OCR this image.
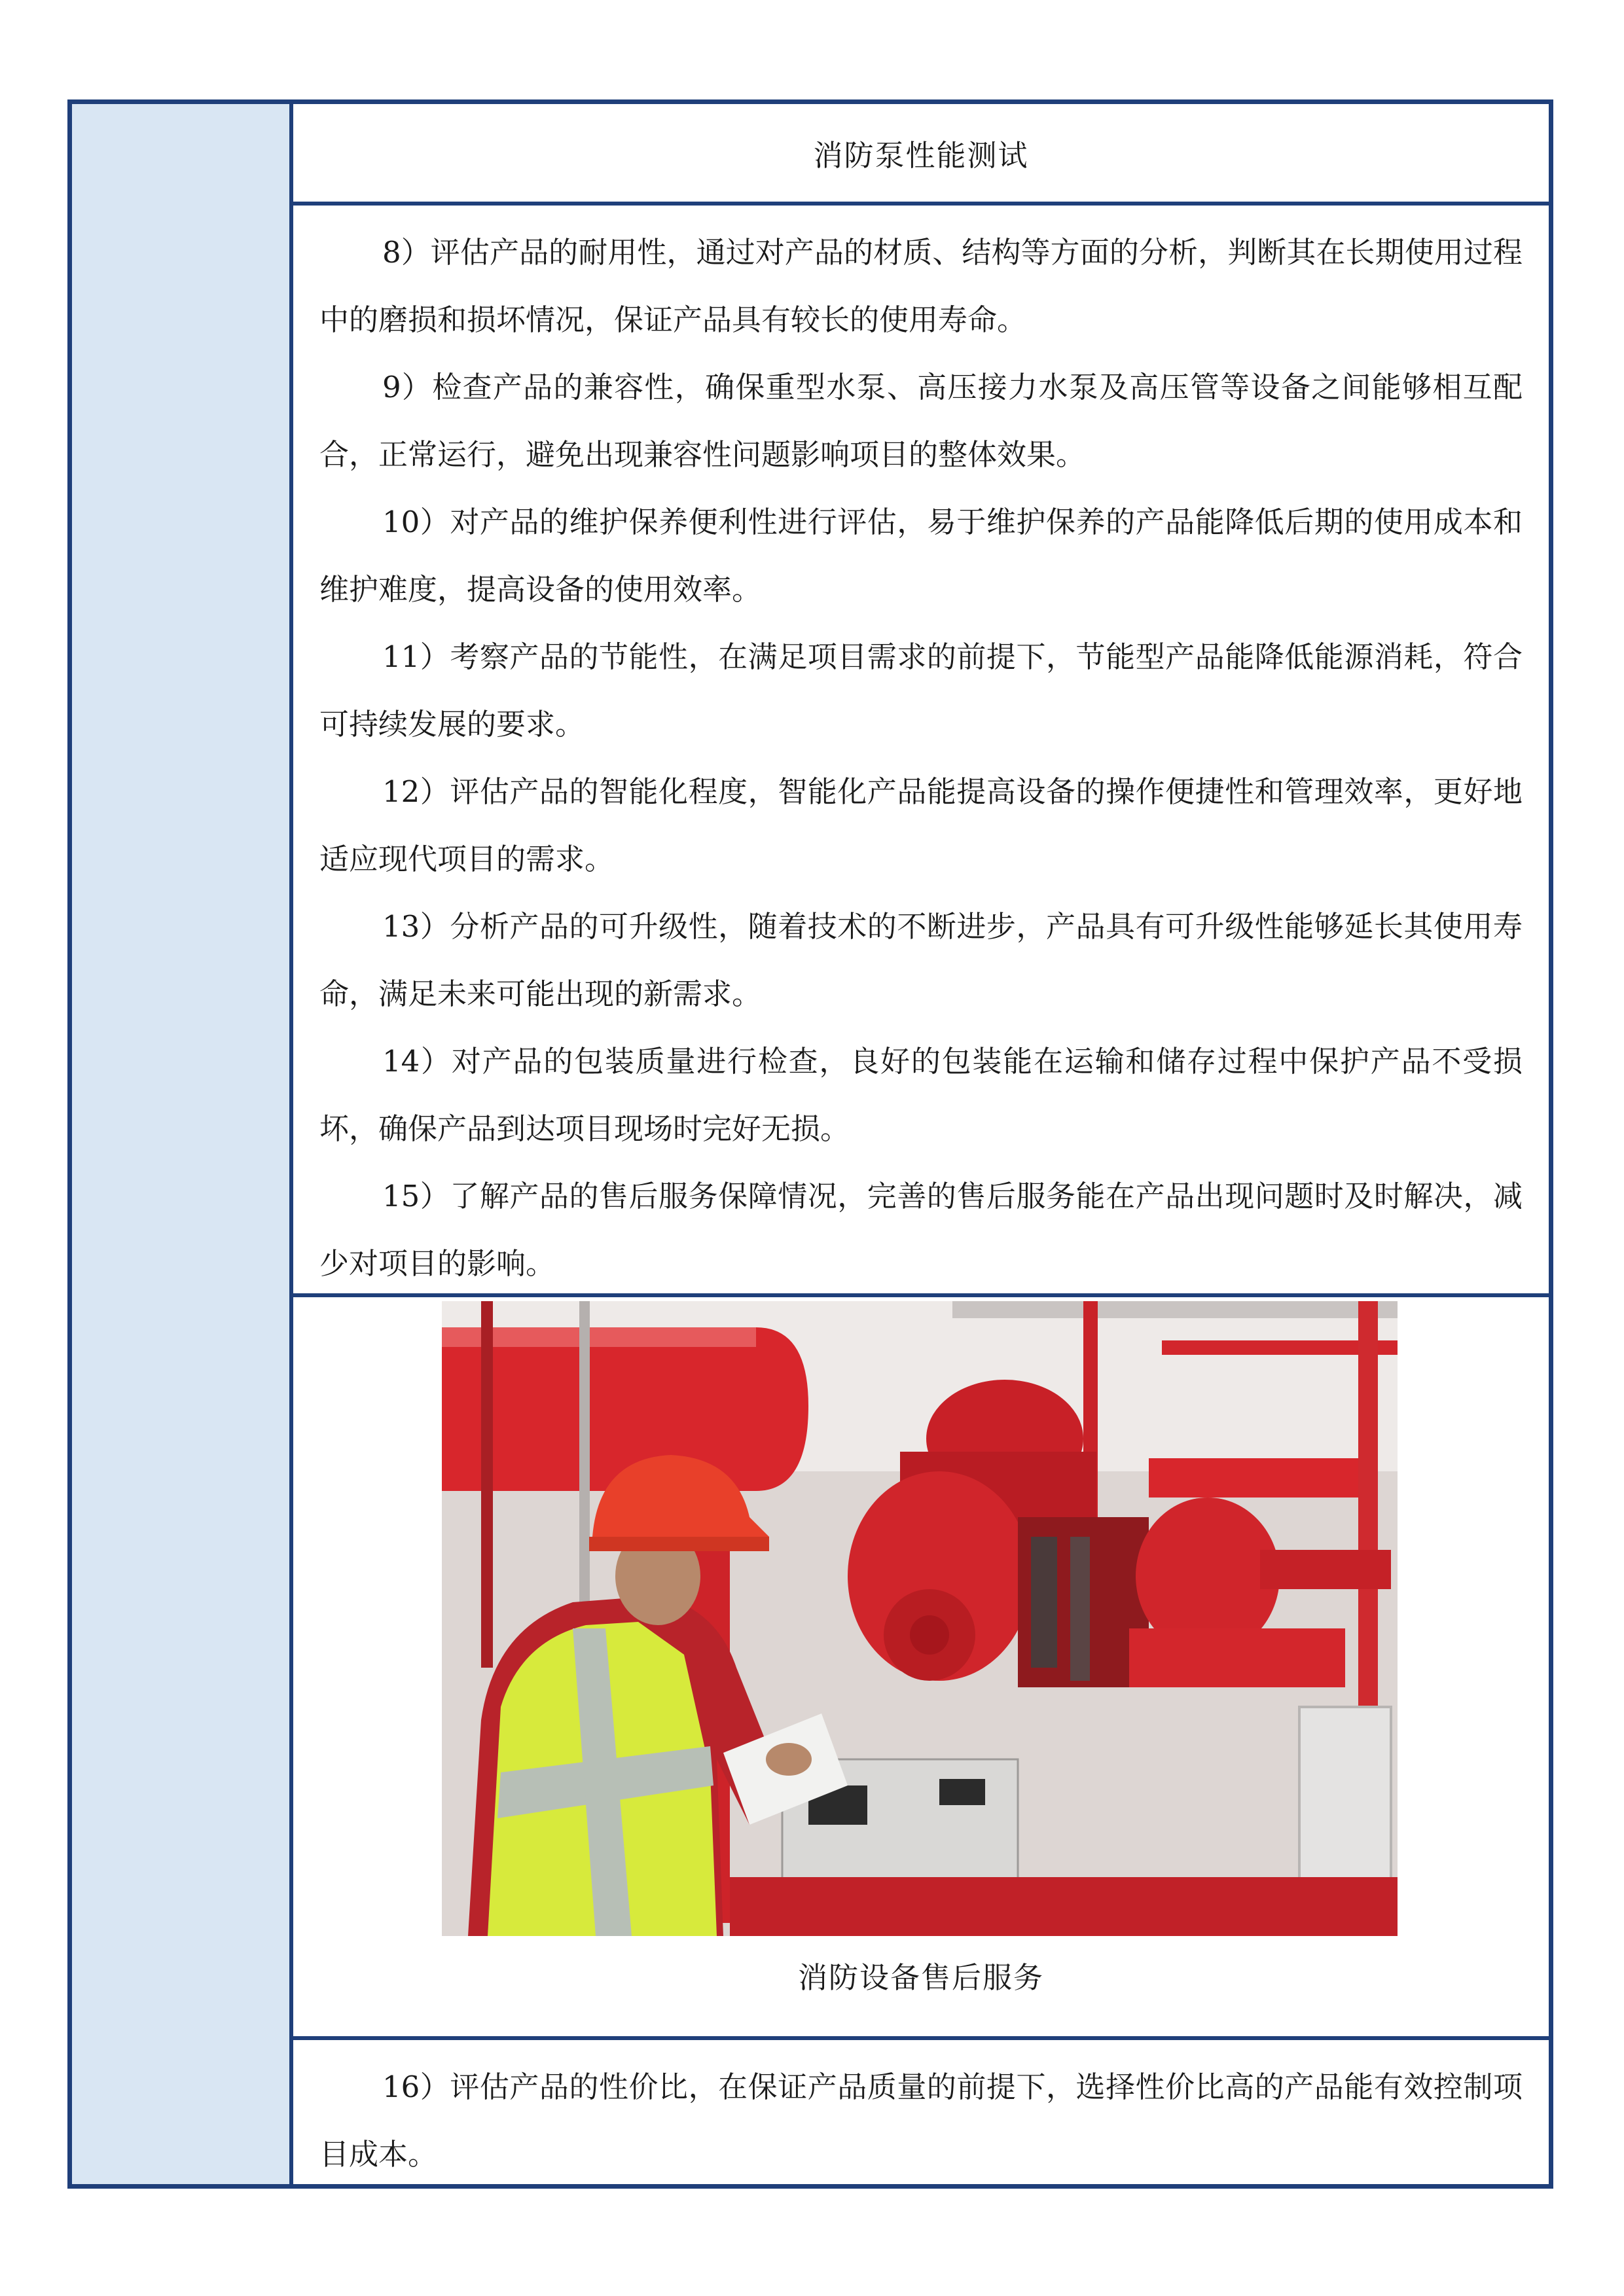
消防泵性能测试

8）评估产品的耐用性，通过对产品的材质、结构等方面的分析，判断其在长期使用过程中的磨损和损坏情况，保证产品具有较长的使用寿命。

9）检查产品的兼容性，确保重型水泵、高压接力水泵及高压管等设备之间能够相互配合，正常运行，避免出现兼容性问题影响项目的整体效果。

10）对产品的维护保养便利性进行评估，易于维护保养的产品能降低后期的使用成本和维护难度，提高设备的使用效率。

11）考察产品的节能性，在满足项目需求的前提下，节能型产品能降低能源消耗，符合可持续发展的要求。

12）评估产品的智能化程度，智能化产品能提高设备的操作便捷性和管理效率，更好地适应现代项目的需求。

13）分析产品的可升级性，随着技术的不断进步，产品具有可升级性能够延长其使用寿命，满足未来可能出现的新需求。

14）对产品的包装质量进行检查，良好的包装能在运输和储存过程中保护产品不受损坏，确保产品到达项目现场时完好无损。

15）了解产品的售后服务保障情况，完善的售后服务能在产品出现问题时及时解决，减少对项目的影响。

消防设备售后服务

16）评估产品的性价比，在保证产品质量的前提下，选择性价比高的产品能有效控制项目成本。
